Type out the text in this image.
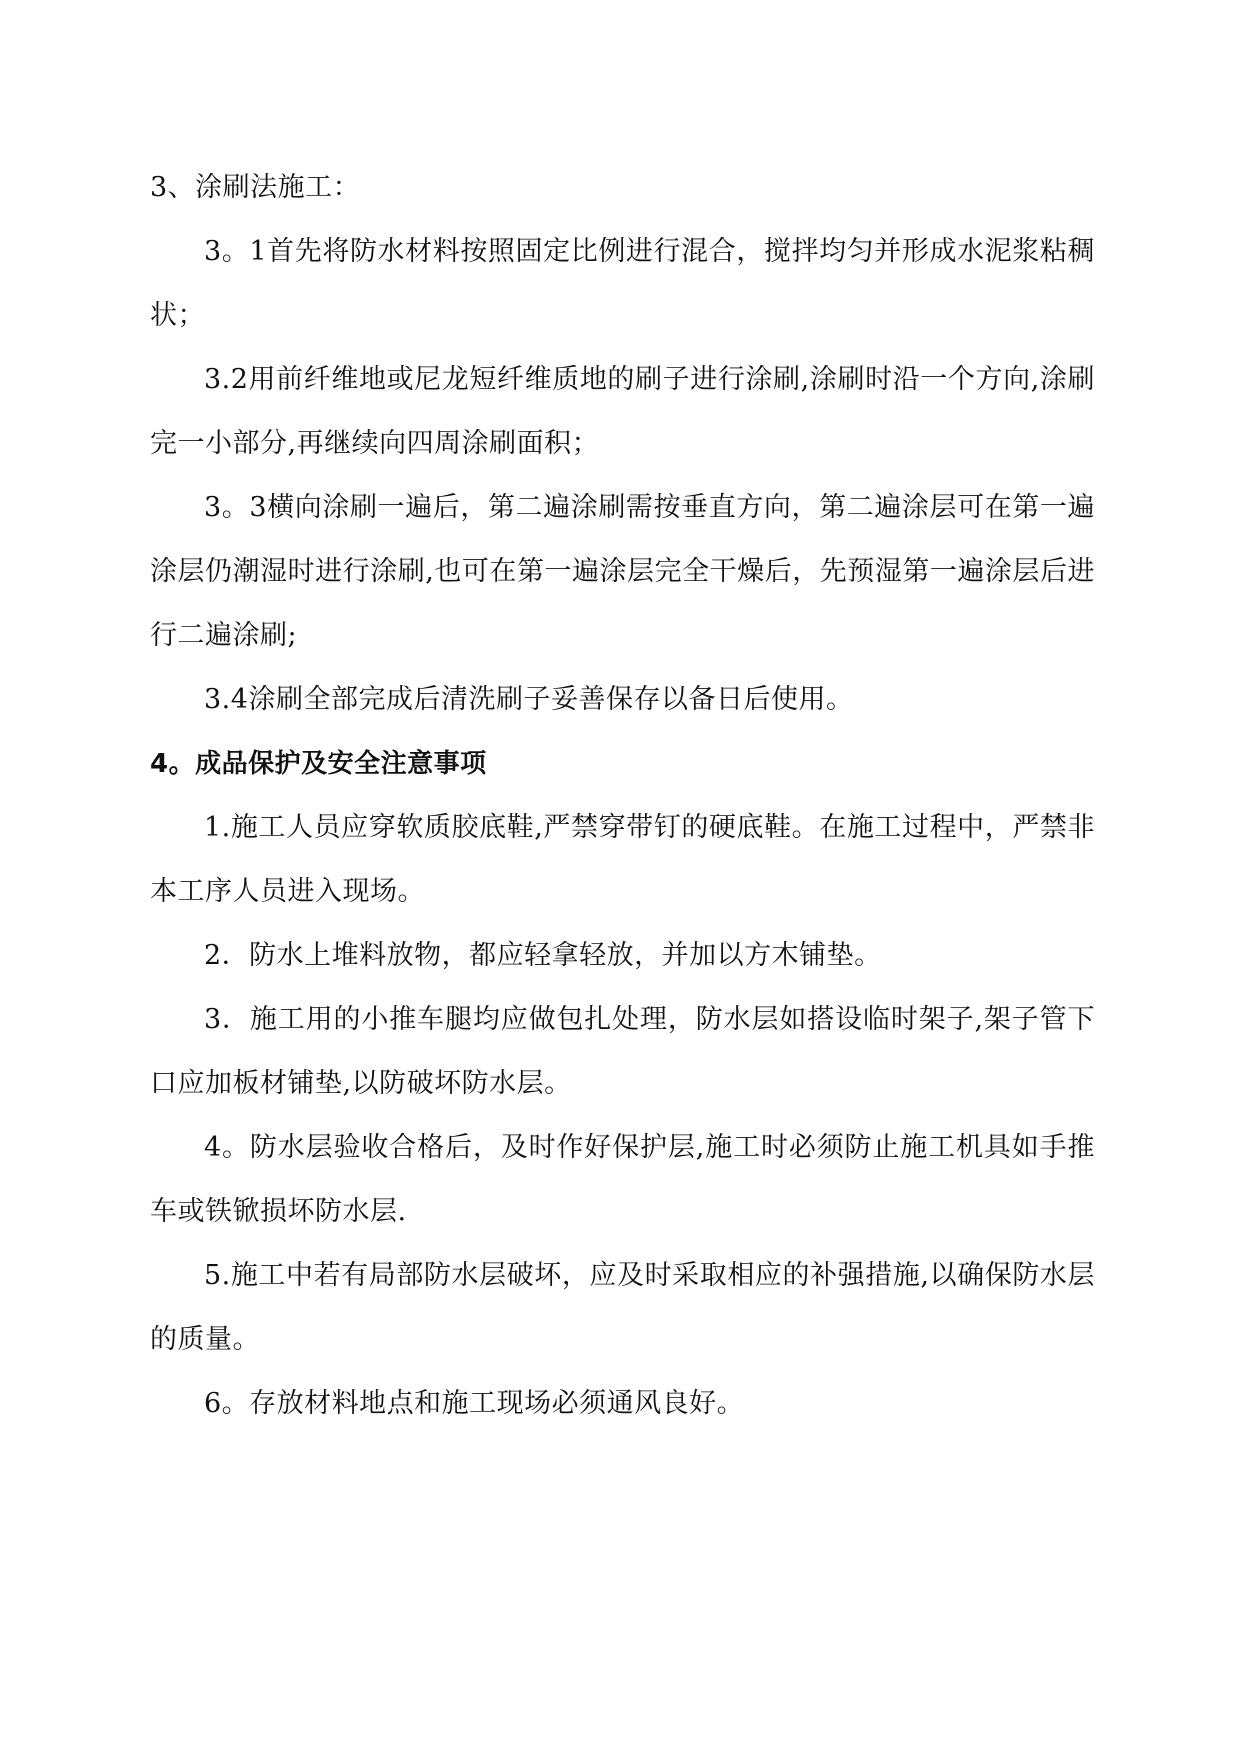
3、涂刷法施工：

3。1首先将防水材料按照固定比例进行混合，搅拌均匀并形成水泥浆粘稠状；

3.2用前纤维地或尼龙短纤维质地的刷子进行涂刷,涂刷时沿一个方向,涂刷完一小部分,再继续向四周涂刷面积；

3。3横向涂刷一遍后，第二遍涂刷需按垂直方向，第二遍涂层可在第一遍涂层仍潮湿时进行涂刷,也可在第一遍涂层完全干燥后，先预湿第一遍涂层后进行二遍涂刷;

3.4涂刷全部完成后清洗刷子妥善保存以备日后使用。

4。成品保护及安全注意事项

1.施工人员应穿软质胶底鞋,严禁穿带钉的硬底鞋。在施工过程中，严禁非本工序人员进入现场。

2．防水上堆料放物，都应轻拿轻放，并加以方木铺垫。

3．施工用的小推车腿均应做包扎处理，防水层如搭设临时架子,架子管下口应加板材铺垫,以防破坏防水层。

4。防水层验收合格后，及时作好保护层,施工时必须防止施工机具如手推车或铁锨损坏防水层.

5.施工中若有局部防水层破坏，应及时采取相应的补强措施,以确保防水层的质量。

6。存放材料地点和施工现场必须通风良好。
